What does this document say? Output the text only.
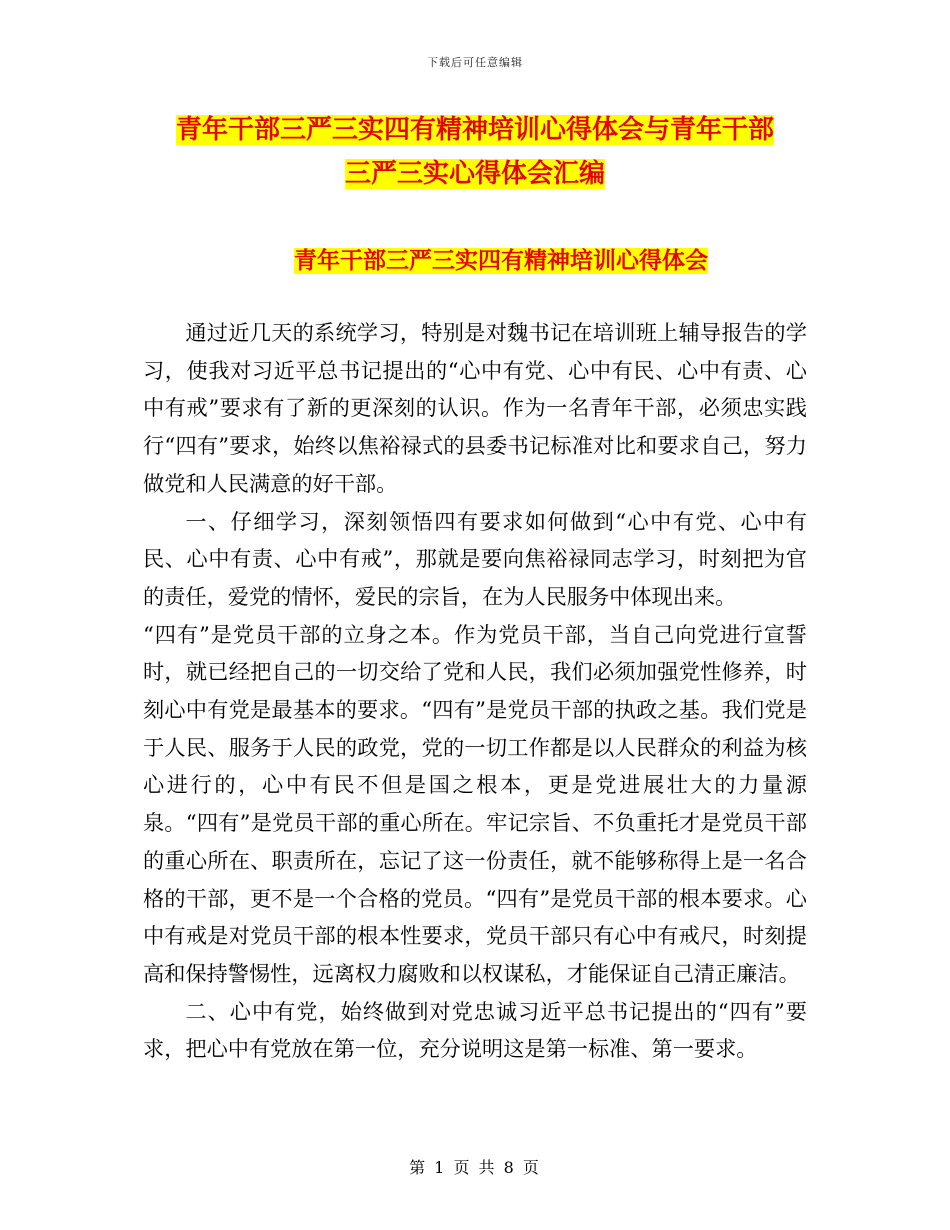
下载后可任意编辑
青年干部三严三实四有精神培训心得体会与青年干部
三严三实心得体会汇编
青年干部三严三实四有精神培训心得体会

通过近几天的系统学习，特别是对魏书记在培训班上辅导报告的学习，使我对习近平总书记提出的“心中有党、心中有民、心中有责、心中有戒”要求有了新的更深刻的认识。作为一名青年干部，必须忠实践行“四有”要求，始终以焦裕禄式的县委书记标准对比和要求自己，努力做党和人民满意的好干部。

一、仔细学习，深刻领悟四有要求如何做到“心中有党、心中有民、心中有责、心中有戒”，那就是要向焦裕禄同志学习，时刻把为官的责任，爱党的情怀，爱民的宗旨，在为人民服务中体现出来。

“四有”是党员干部的立身之本。作为党员干部，当自己向党进行宣誓时，就已经把自己的一切交给了党和人民，我们必须加强党性修养，时刻心中有党是最基本的要求。“四有”是党员干部的执政之基。我们党是于人民、服务于人民的政党，党的一切工作都是以人民群众的利益为核心进行的，心中有民不但是国之根本，更是党进展壮大的力量源泉。“四有”是党员干部的重心所在。牢记宗旨、不负重托才是党员干部的重心所在、职责所在，忘记了这一份责任，就不能够称得上是一名合格的干部，更不是一个合格的党员。“四有”是党员干部的根本要求。心中有戒是对党员干部的根本性要求，党员干部只有心中有戒尺，时刻提高和保持警惕性，远离权力腐败和以权谋私，才能保证自己清正廉洁。

二、心中有党，始终做到对党忠诚习近平总书记提出的“四有”要求，把心中有党放在第一位，充分说明这是第一标准、第一要求。

第 1 页 共 8 页
